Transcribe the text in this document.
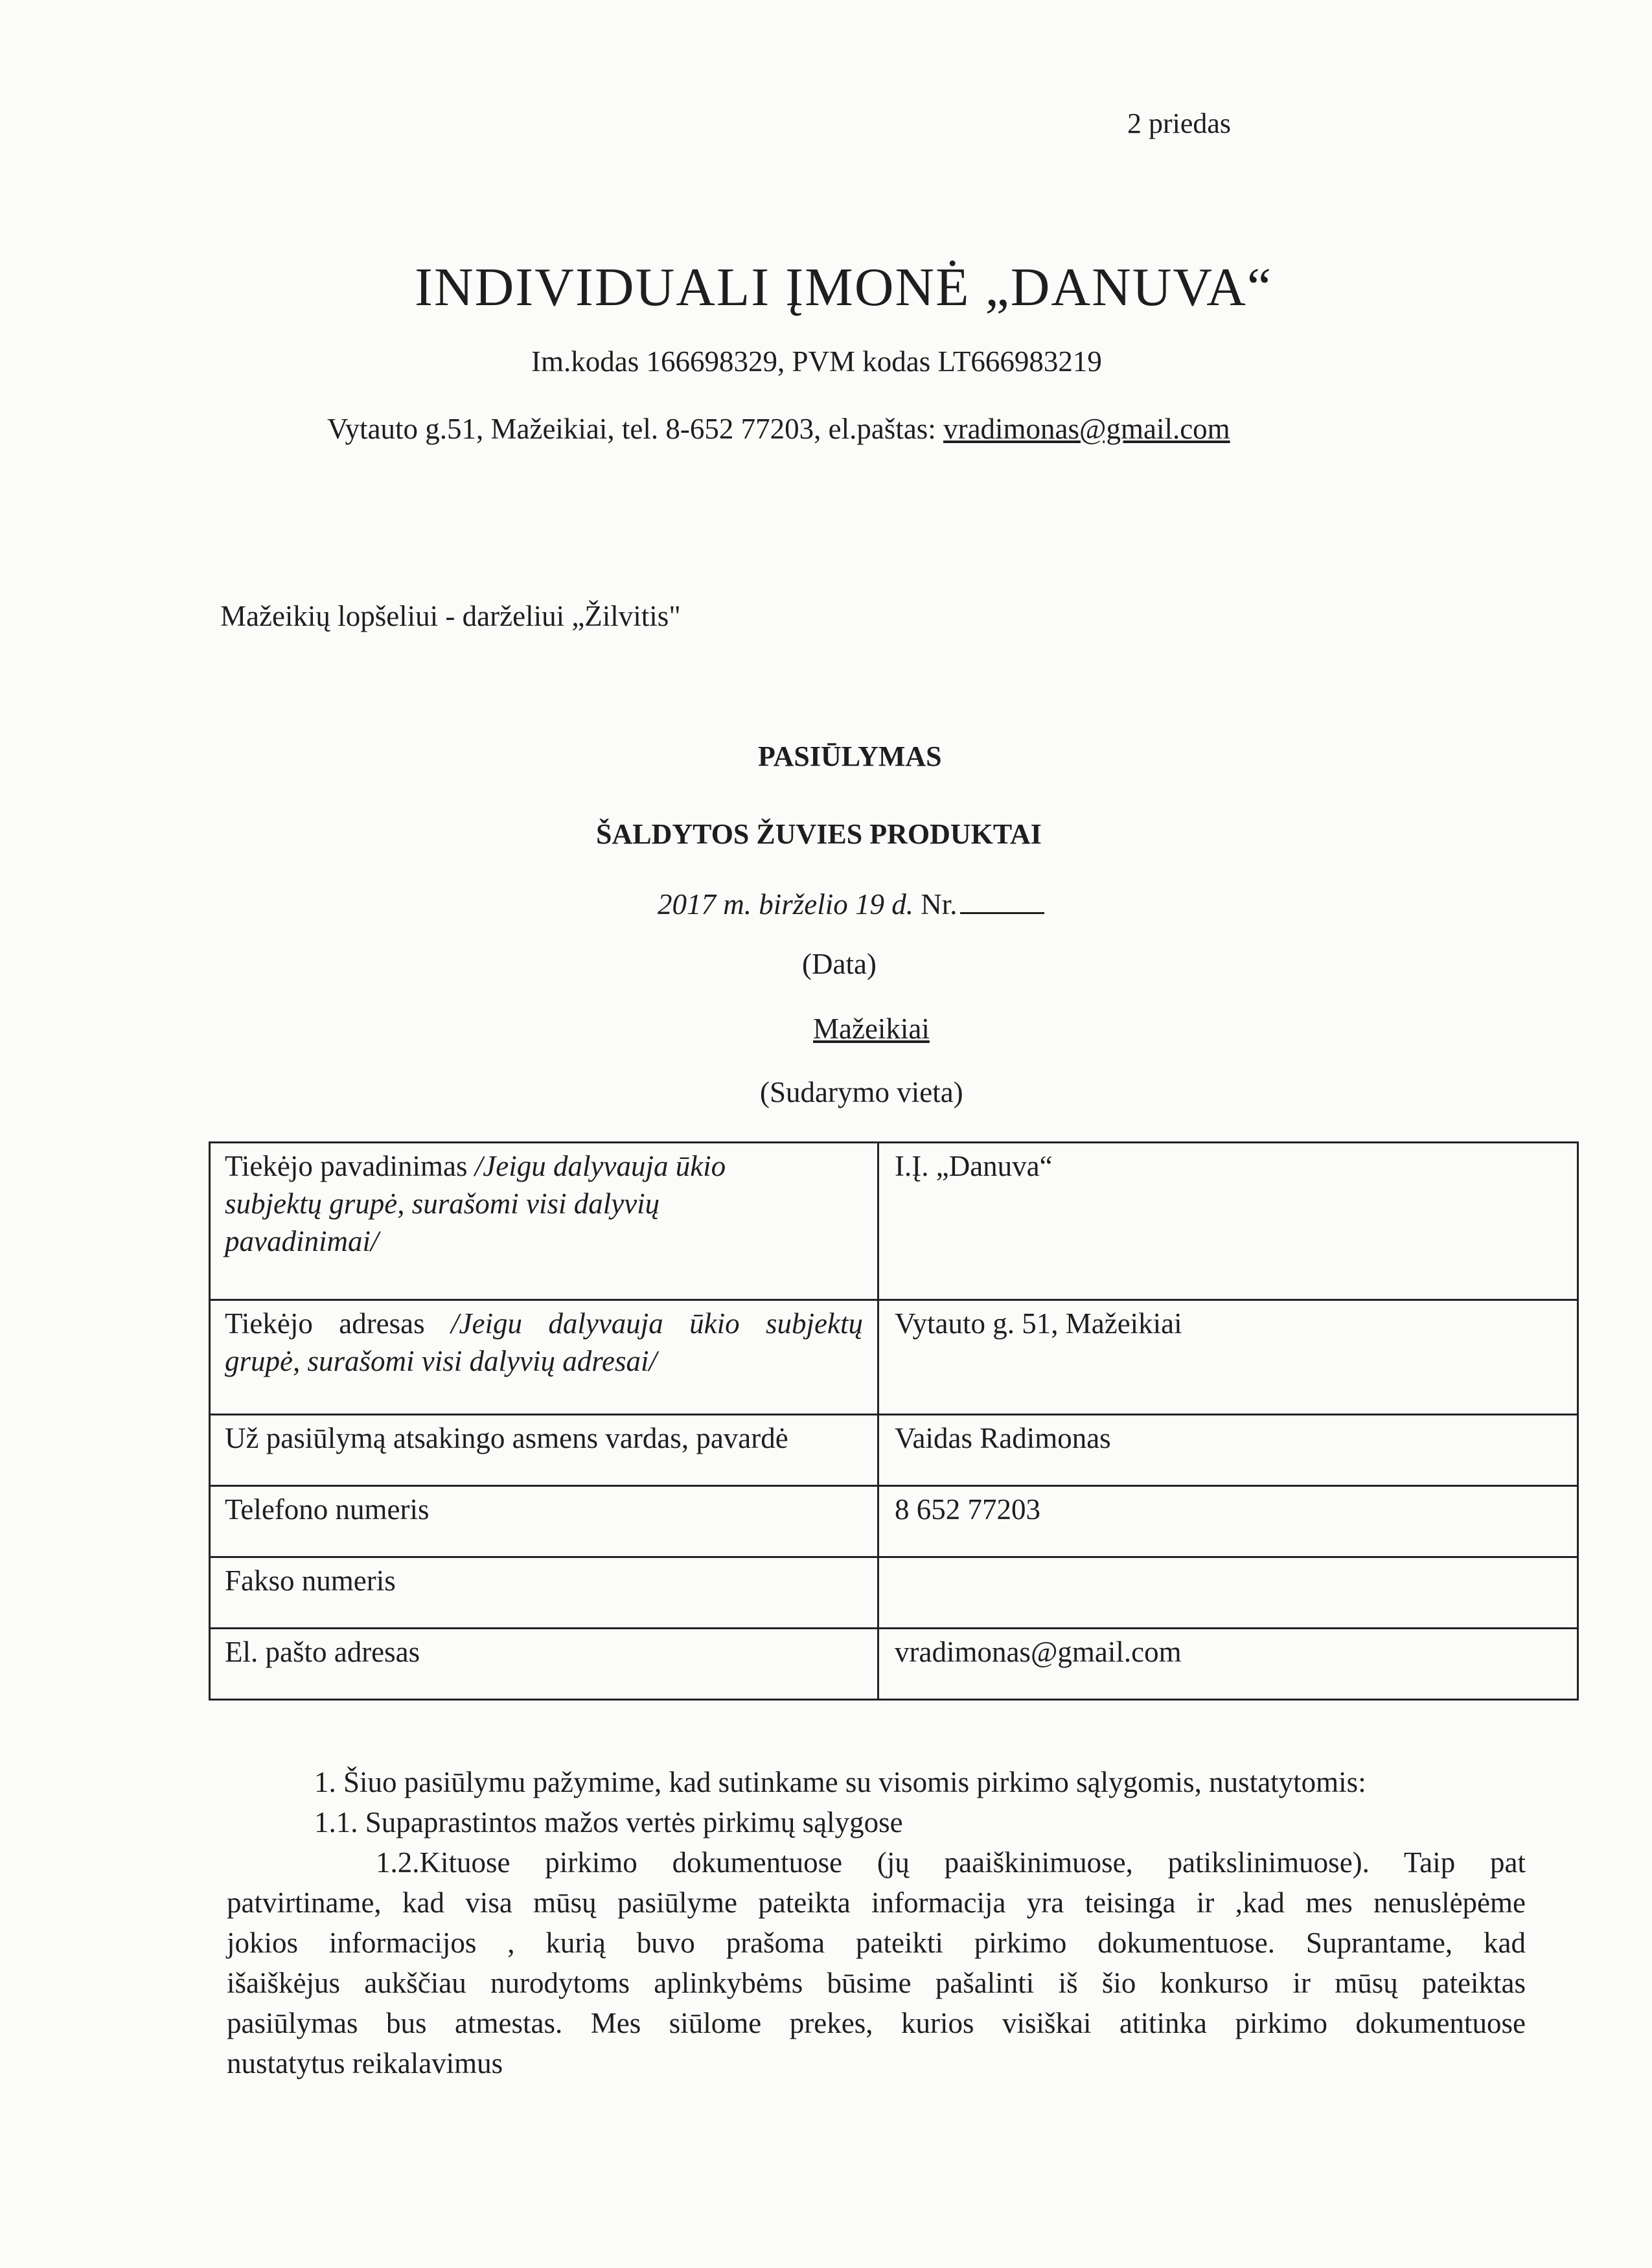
2 priedas
INDIVIDUALI ĮMONĖ „DANUVA“
Im.kodas 166698329, PVM kodas LT666983219
Vytauto g.51, Mažeikiai, tel. 8-652 77203, el.paštas: vradimonas@gmail.com
Mažeikių lopšeliui - darželiui „Žilvitis"
PASIŪLYMAS
ŠALDYTOS ŽUVIES PRODUKTAI
2017 m. birželio 19 d. Nr.
(Data)
Mažeikiai
(Sudarymo vieta)
Tiekėjo pavadinimas /Jeigu dalyvauja ūkio
subjektų grupė, surašomi visi dalyvių
pavadinimai/	I.Į. „Danuva“

Tiekėjo adresas /Jeigu dalyvauja ūkio subjektų
grupė, surašomi visi dalyvių adresai/	Vytauto g. 51, Mažeikiai
Už pasiūlymą atsakingo asmens vardas, pavardė	Vaidas Radimonas
Telefono numeris	8 652 77203
Fakso numeris	
El. pašto adresas	vradimonas@gmail.com
1. Šiuo pasiūlymu pažymime, kad sutinkame su visomis pirkimo sąlygomis, nustatytomis:
1.1. Supaprastintos mažos vertės pirkimų sąlygose
1.2.Kituose pirkimo dokumentuose (jų paaiškinimuose, patikslinimuose). Taip pat
patvirtiname, kad visa mūsų pasiūlyme pateikta informacija yra teisinga ir ,kad mes nenuslėpėme
jokios informacijos , kurią buvo prašoma pateikti pirkimo dokumentuose. Suprantame, kad
išaiškėjus aukščiau nurodytoms aplinkybėms būsime pašalinti iš šio konkurso ir mūsų pateiktas
pasiūlymas bus atmestas. Mes siūlome prekes, kurios visiškai atitinka pirkimo dokumentuose
nustatytus reikalavimus
